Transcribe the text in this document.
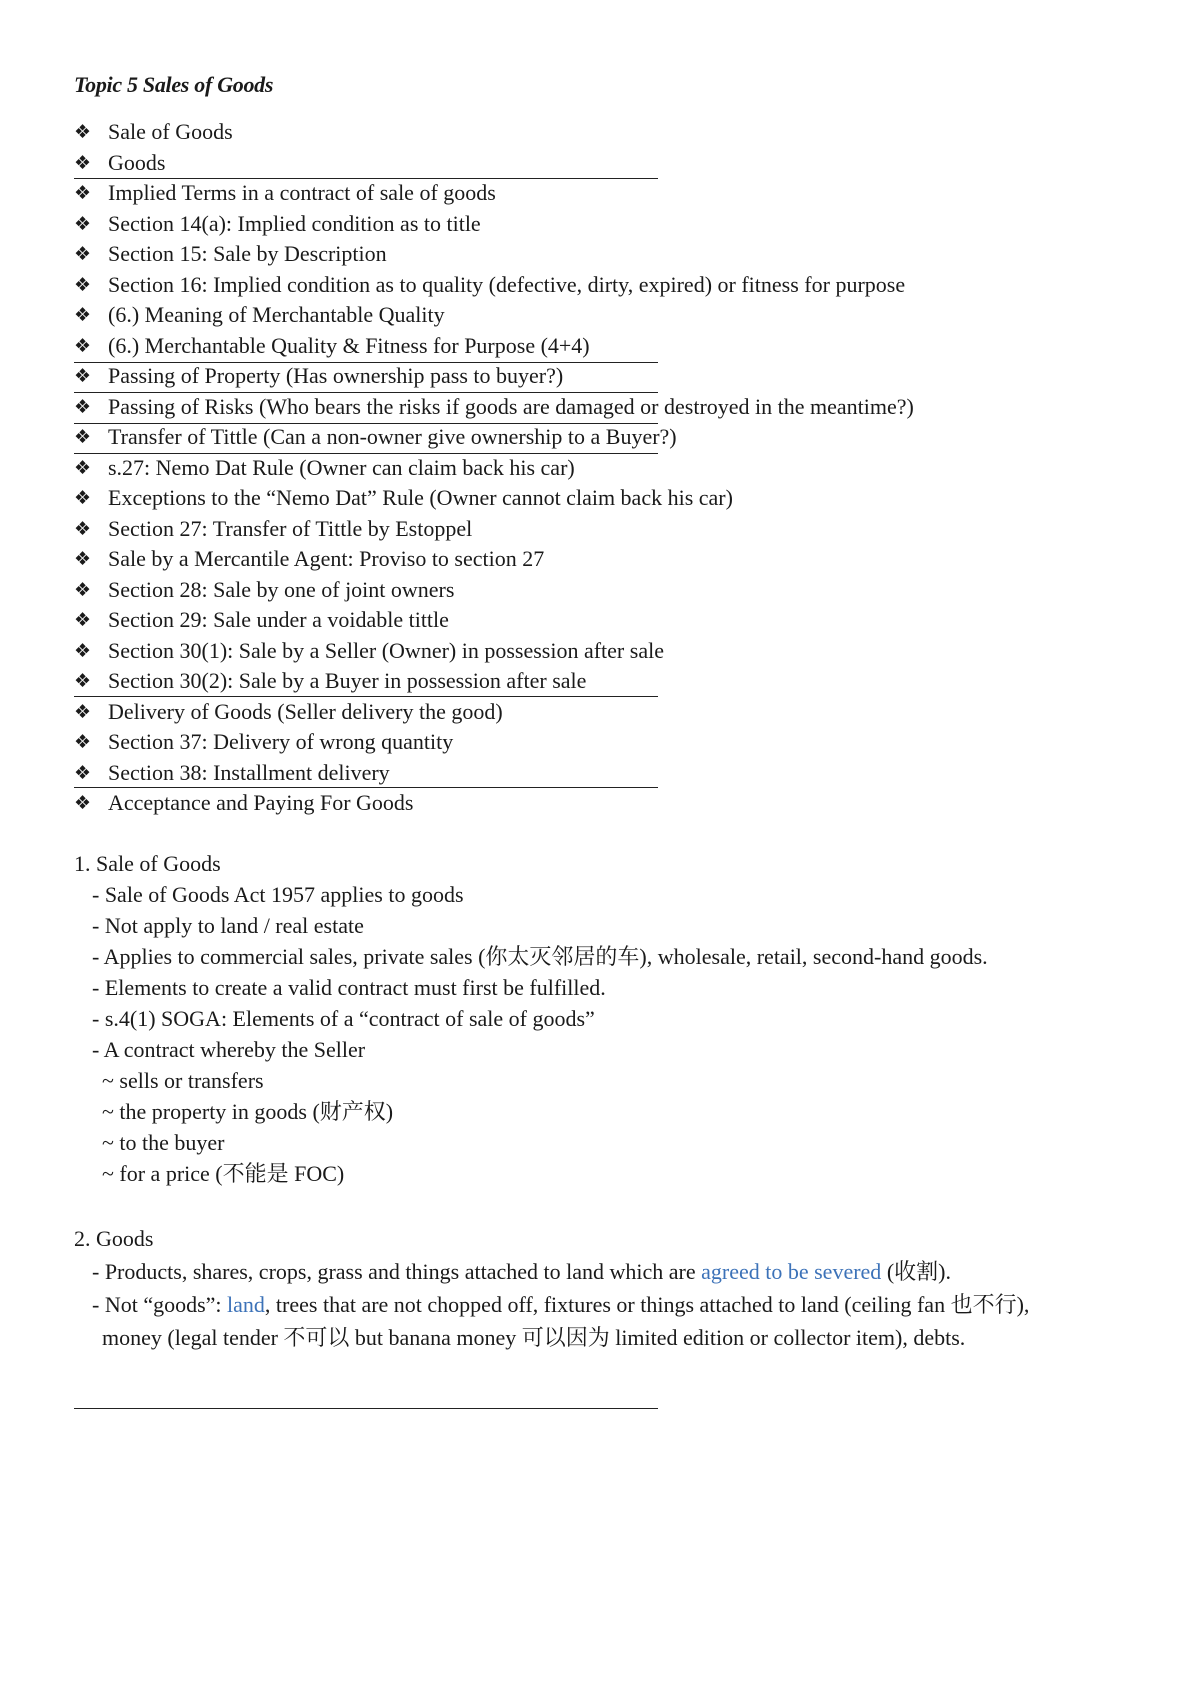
Topic 5 Sales of Goods
❖ Sale of Goods
❖ Goods
❖ Implied Terms in a contract of sale of goods
❖ Section 14(a): Implied condition as to title
❖ Section 15: Sale by Description
❖ Section 16: Implied condition as to quality (defective, dirty, expired) or fitness for purpose
❖ (6.) Meaning of Merchantable Quality
❖ (6.) Merchantable Quality & Fitness for Purpose (4+4)
❖ Passing of Property (Has ownership pass to buyer?)
❖ Passing of Risks (Who bears the risks if goods are damaged or destroyed in the meantime?)
❖ Transfer of Tittle (Can a non-owner give ownership to a Buyer?)
❖ s.27: Nemo Dat Rule (Owner can claim back his car)
❖ Exceptions to the “Nemo Dat” Rule (Owner cannot claim back his car)
❖ Section 27: Transfer of Tittle by Estoppel
❖ Sale by a Mercantile Agent: Proviso to section 27
❖ Section 28: Sale by one of joint owners
❖ Section 29: Sale under a voidable tittle
❖ Section 30(1): Sale by a Seller (Owner) in possession after sale
❖ Section 30(2): Sale by a Buyer in possession after sale
❖ Delivery of Goods (Seller delivery the good)
❖ Section 37: Delivery of wrong quantity
❖ Section 38: Installment delivery
❖ Acceptance and Paying For Goods
1. Sale of Goods
- Sale of Goods Act 1957 applies to goods
- Not apply to land / real estate
- Applies to commercial sales, private sales (你太灭邻居的车), wholesale, retail, second-hand goods.
- Elements to create a valid contract must first be fulfilled.
- s.4(1) SOGA: Elements of a “contract of sale of goods”
- A contract whereby the Seller
~ sells or transfers
~ the property in goods (财产权)
~ to the buyer
~ for a price (不能是 FOC)
2. Goods
- Products, shares, crops, grass and things attached to land which are agreed to be severed (收割).
- Not “goods”: land, trees that are not chopped off, fixtures or things attached to land (ceiling fan 也不行),
money (legal tender 不可以 but banana money 可以因为 limited edition or collector item), debts.
